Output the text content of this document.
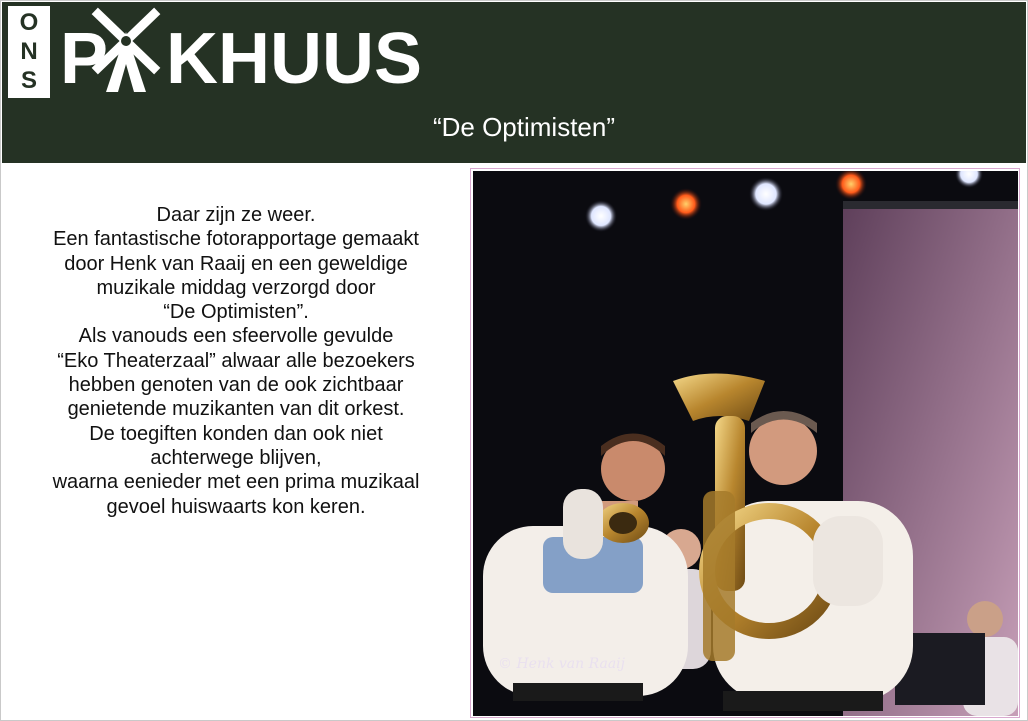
O
N
S P KHUUS
“De Optimisten”
Daar zijn ze weer.
Een fantastische fotorapportage gemaakt
door Henk van Raaij en een geweldige
muzikale middag verzorgd door
“De Optimisten”.
Als vanouds een sfeervolle gevulde
“Eko Theaterzaal” alwaar alle bezoekers
hebben genoten van de ook zichtbaar
genietende muzikanten van dit orkest.
De toegiften konden dan ook niet
achterwege blijven,
waarna eenieder met een prima muzikaal
gevoel huiswaarts kon keren.
© Henk van Raaij
